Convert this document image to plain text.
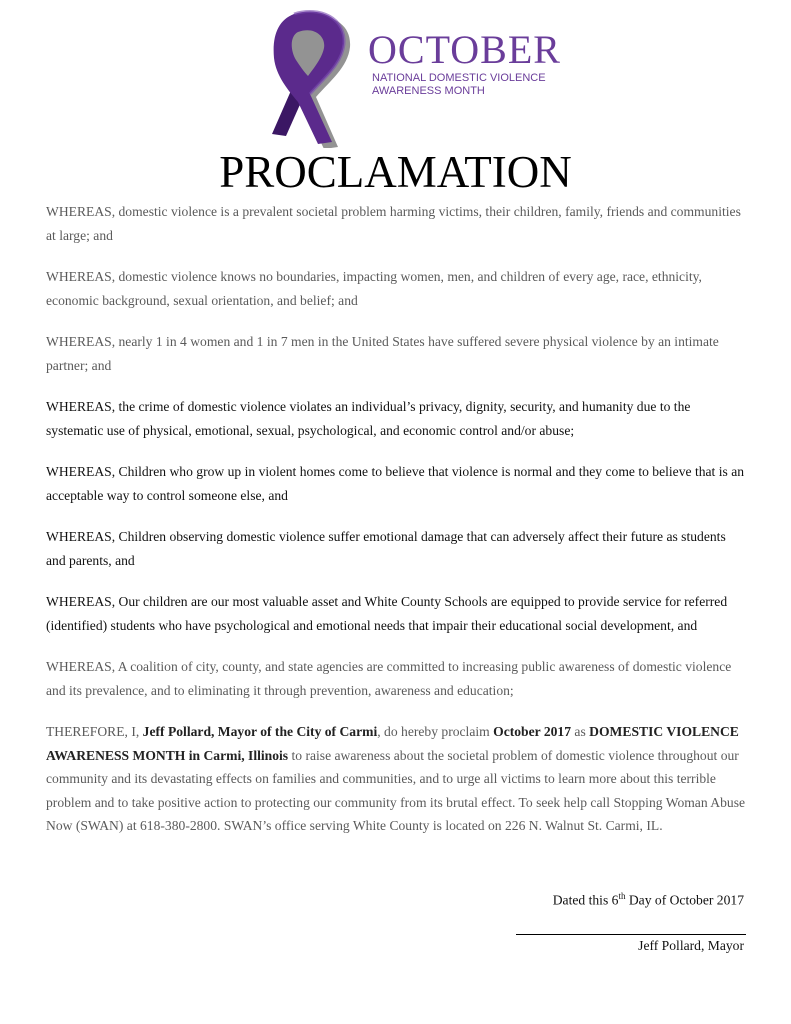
OCTOBER
NATIONAL DOMESTIC VIOLENCE
AWARENESS MONTH
PROCLAMATION

WHEREAS, domestic violence is a prevalent societal problem harming victims, their children, family, friends and communities at large; and

WHEREAS, domestic violence knows no boundaries, impacting women, men, and children of every age, race, ethnicity, economic background, sexual orientation, and belief; and

WHEREAS, nearly 1 in 4 women and 1 in 7 men in the United States have suffered severe physical violence by an intimate partner; and

WHEREAS, the crime of domestic violence violates an individual’s privacy, dignity, security, and humanity due to the systematic use of physical, emotional, sexual, psychological, and economic control and/or abuse;

WHEREAS, Children who grow up in violent homes come to believe that violence is normal and they come to believe that is an acceptable way to control someone else, and

WHEREAS, Children observing domestic violence suffer emotional damage that can adversely affect their future as students and parents, and

WHEREAS, Our children are our most valuable asset and White County Schools are equipped to provide service for referred (identified) students who have psychological and emotional needs that impair their educational social development, and

WHEREAS, A coalition of city, county, and state agencies are committed to increasing public awareness of domestic violence and its prevalence, and to eliminating it through prevention, awareness and education;

THEREFORE, I, Jeff Pollard, Mayor of the City of Carmi, do hereby proclaim October 2017 as DOMESTIC VIOLENCE AWARENESS MONTH in Carmi, Illinois to raise awareness about the societal problem of domestic violence throughout our community and its devastating effects on families and communities, and to urge all victims to learn more about this terrible problem and to take positive action to protecting our community from its brutal effect. To seek help call Stopping Woman Abuse Now (SWAN) at 618-380-2800. SWAN’s office serving White County is located on 226 N. Walnut St. Carmi, IL.

Dated this 6th Day of October 2017
Jeff Pollard, Mayor
